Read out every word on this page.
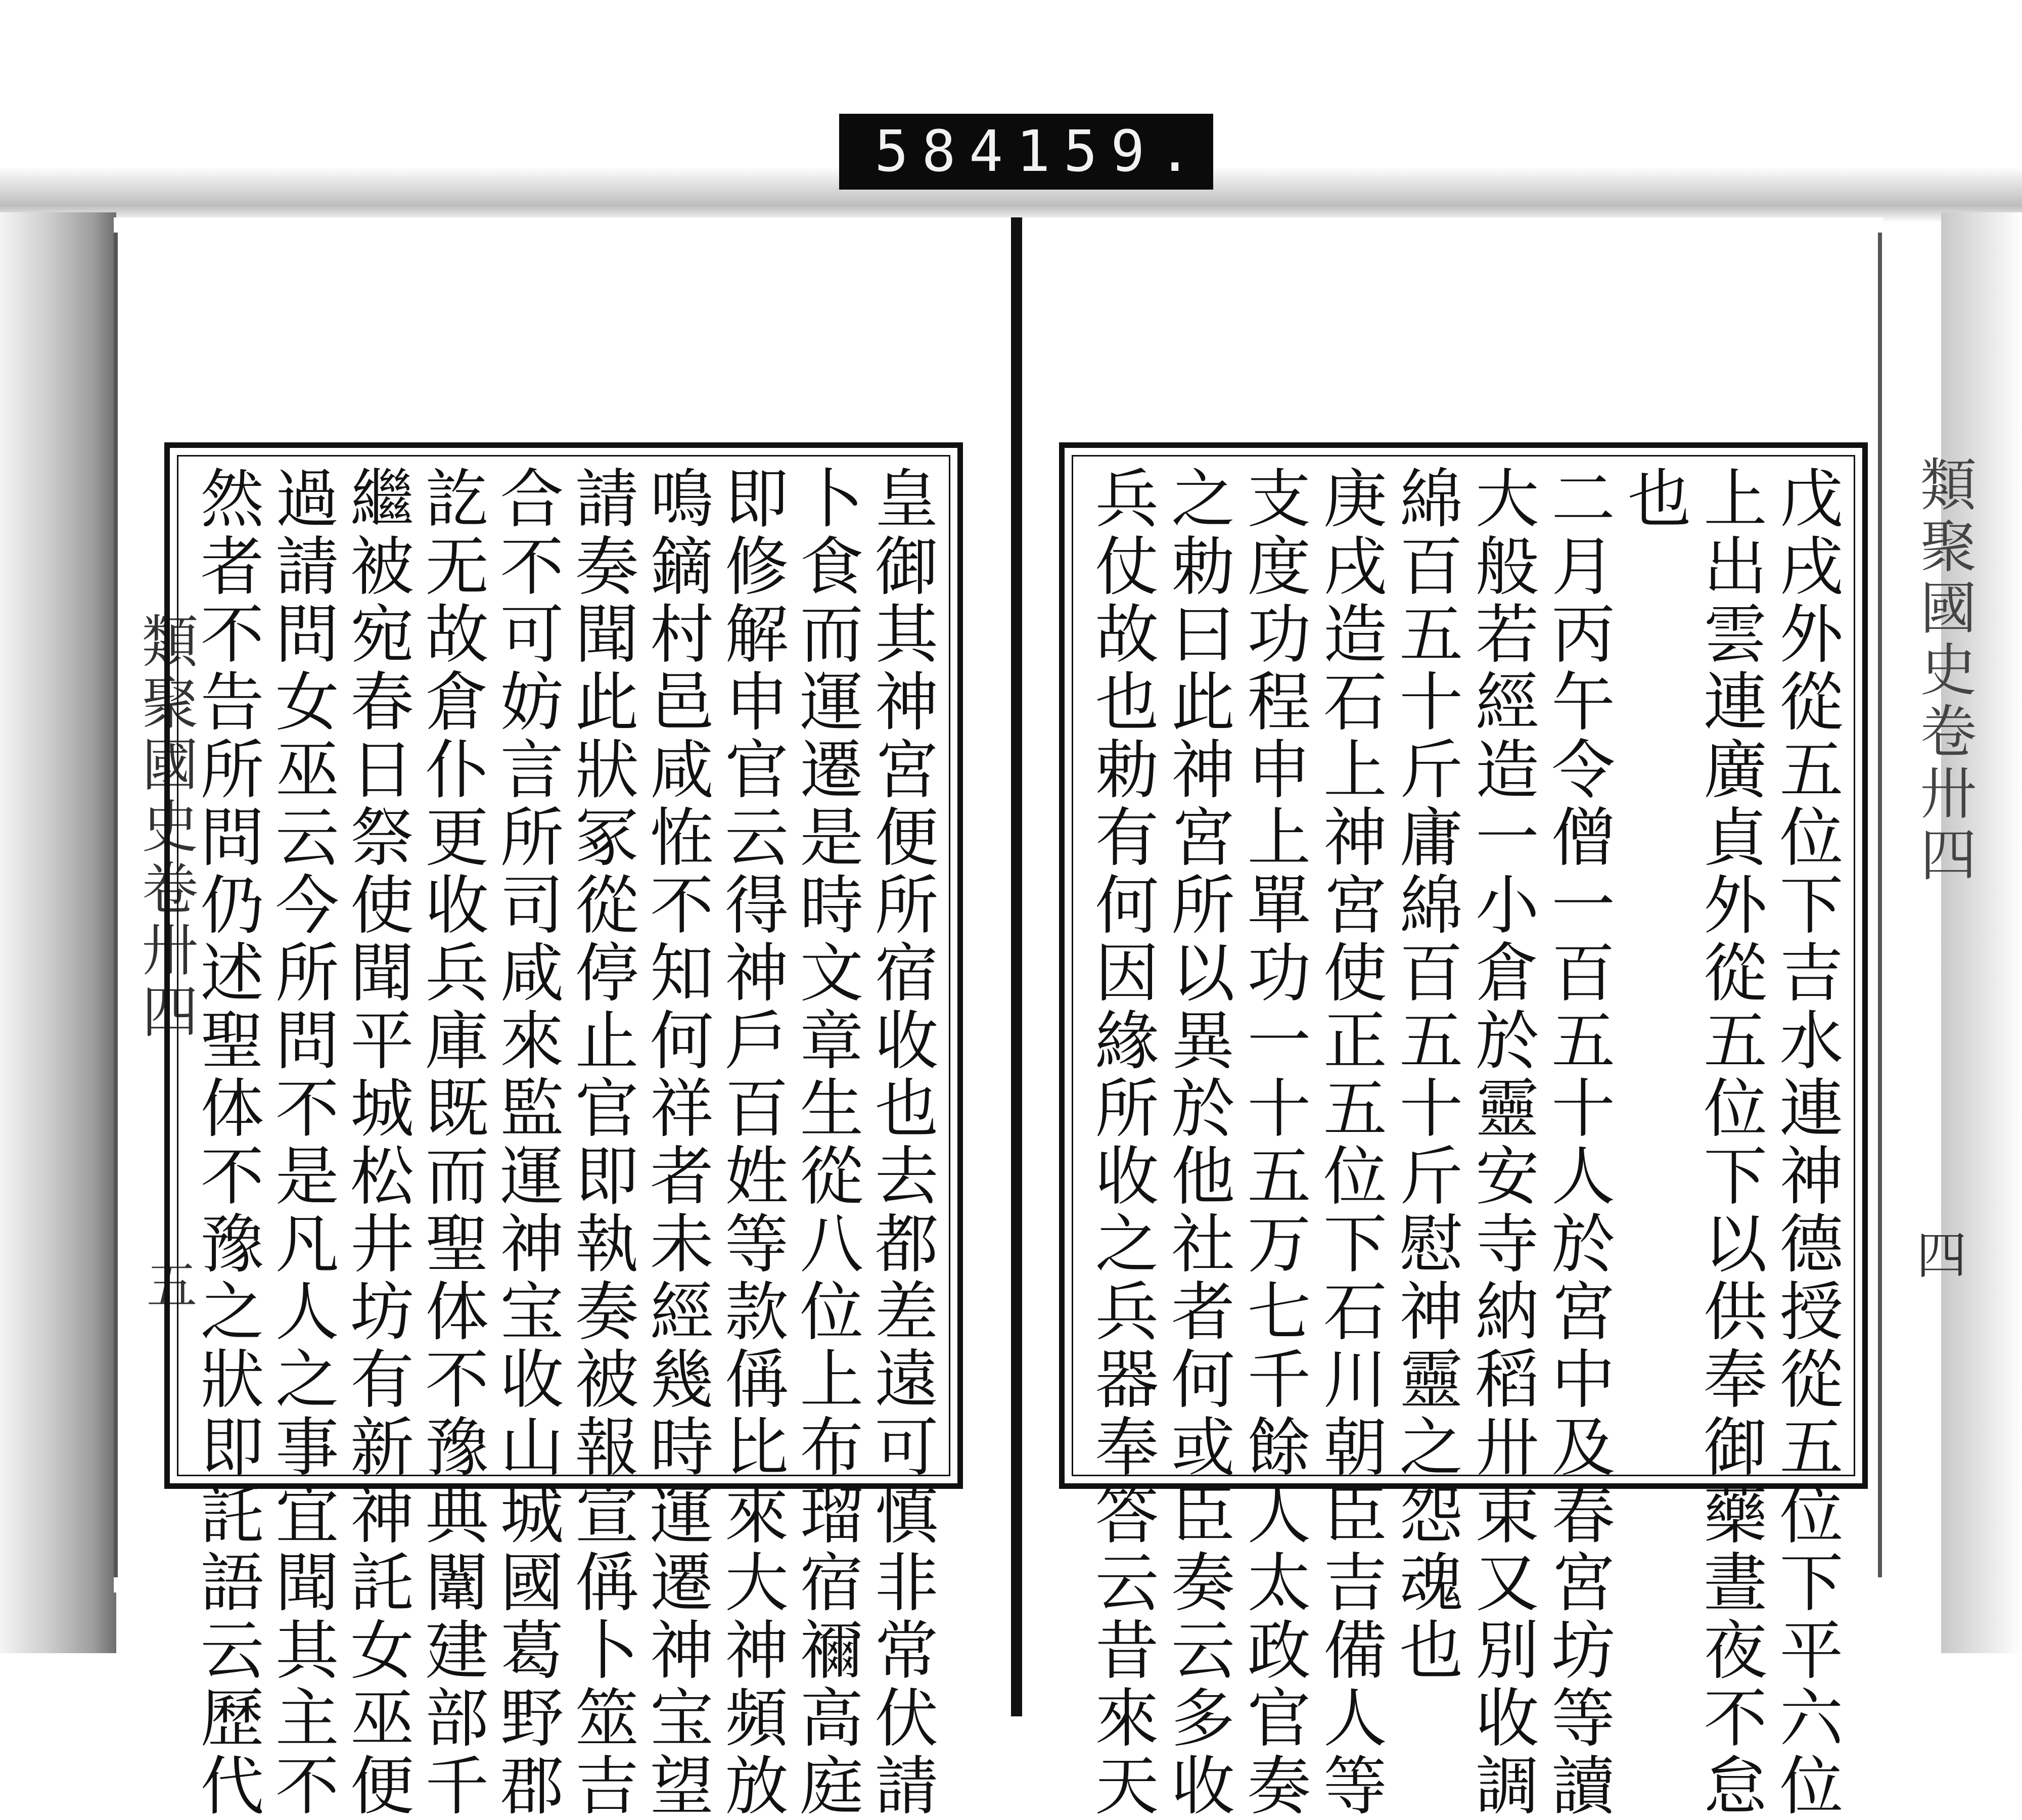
584 159.
類聚國史卷卅四
五	皇御其神宮便所宿收也去都差遠可慎非常伏請
卜食而運遷是時文章生從八位上布瑠宿禰高庭
即修解申官云得神戶百姓等款偁比來大神頻放
鳴鏑村邑咸恠不知何祥者未經幾時運遷神宝望
請奏聞此狀冢從停止官即執奏被報宣偁卜筮吉
合不可妨言所司咸來監運神宝收山城國葛野郡
訖无故倉仆更收兵庫既而聖体不豫典闈建部千
繼被宛春日祭使聞平城松井坊有新神託女巫便
過請問女巫云今所問不是凡人之事宜聞其主不
然者不告所問仍述聖体不豫之狀即託語云歷代	類聚國史卷卅四
四
戊戌外從五位下吉水連神德授從五位下平六位
上出雲連廣貞外從五位下以供奉御藥晝夜不怠
也
二月丙午令僧一百五十人於宮中及春宮坊等讀
大般若經造一小倉於靈安寺納稻卅束又別收調
綿百五十斤庸綿百五十斤慰神靈之怨魂也
庚戌造石上神宮使正五位下石川朝臣吉備人等
支度功程申上單功一十五万七千餘人太政官奏
之勅曰此神宮所以異於他社者何或臣奏云多收
兵仗故也勅有何因緣所收之兵器奉答云昔來天
